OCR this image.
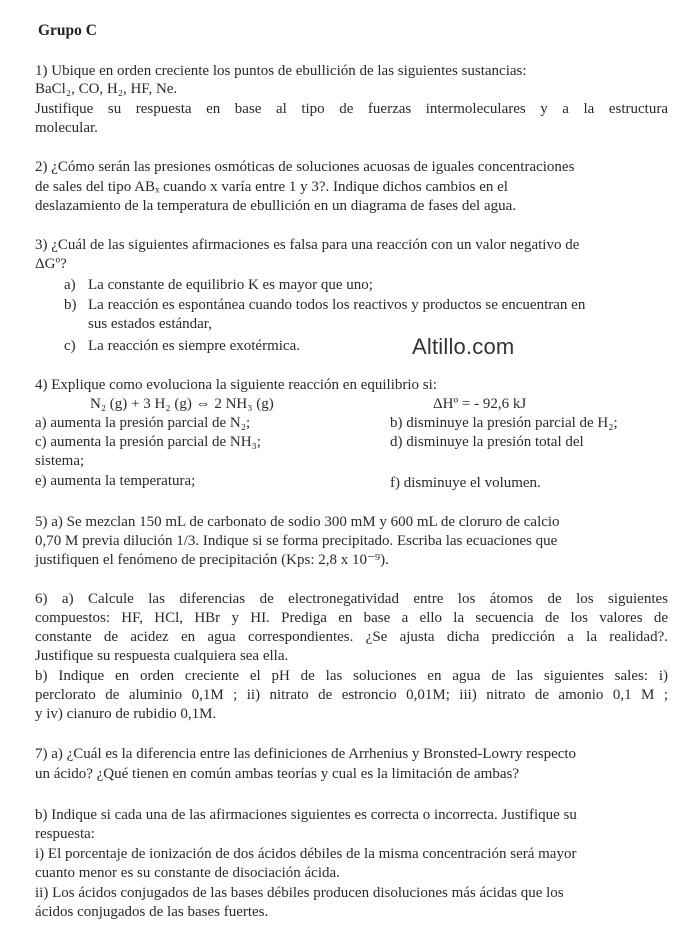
Grupo C
1) Ubique en orden creciente los puntos de ebullición de las siguientes sustancias:
BaCl₂, CO, H₂, HF, Ne.
Justifique su respuesta en base al tipo de fuerzas intermoleculares y a la estructura
molecular.
2) ¿Cómo serán las presiones osmóticas de soluciones acuosas de iguales concentraciones
de sales del tipo ABₓ cuando x varía entre 1 y 3?. Indique dichos cambios en el
deslazamiento de la temperatura de ebullición en un diagrama de fases del agua.
3) ¿Cuál de las siguientes afirmaciones es falsa para una reacción con un valor negativo de
ΔGº?
a) La constante de equilibrio K es mayor que uno;
b) La reacción es espontánea cuando todos los reactivos y productos se encuentran en
sus estados estándar,
c) La reacción es siempre exotérmica.	Altillo.com
4) Explique como evoluciona la siguiente reacción en equilibrio si:
N₂ (g) + 3 H₂ (g) ⇔ 2 NH₃ (g)	ΔHº = - 92,6 kJ
a) aumenta la presión parcial de N₂;	b) disminuye la presión parcial de H₂;
c) aumenta la presión parcial de NH₃;	d) disminuye la presión total del
sistema;
e) aumenta la temperatura;	f) disminuye el volumen.
5) a) Se mezclan 150 mL de carbonato de sodio 300 mM y 600 mL de cloruro de calcio
0,70 M previa dilución 1/3. Indique si se forma precipitado. Escriba las ecuaciones que
justifiquen el fenómeno de precipitación (Kps: 2,8 x 10⁻⁹).
6) a) Calcule las diferencias de electronegatividad entre los átomos de los siguientes
compuestos: HF, HCl, HBr y HI. Prediga en base a ello la secuencia de los valores de
constante de acidez en agua correspondientes. ¿Se ajusta dicha predicción a la realidad?.
Justifique su respuesta cualquiera sea ella.
b) Indique en orden creciente el pH de las soluciones en agua de las siguientes sales: i)
perclorato de aluminio 0,1M ; ii) nitrato de estroncio 0,01M; iii) nitrato de amonio 0,1 M ;
y iv) cianuro de rubidio 0,1M.
7) a) ¿Cuál es la diferencia entre las definiciones de Arrhenius y Bronsted-Lowry respecto
un ácido? ¿Qué tienen en común ambas teorías y cual es la limitación de ambas?
b) Indique si cada una de las afirmaciones siguientes es correcta o incorrecta. Justifique su
respuesta:
i) El porcentaje de ionización de dos ácidos débiles de la misma concentración será mayor
cuanto menor es su constante de disociación ácida.
ii) Los ácidos conjugados de las bases débiles producen disoluciones más ácidas que los
ácidos conjugados de las bases fuertes.
